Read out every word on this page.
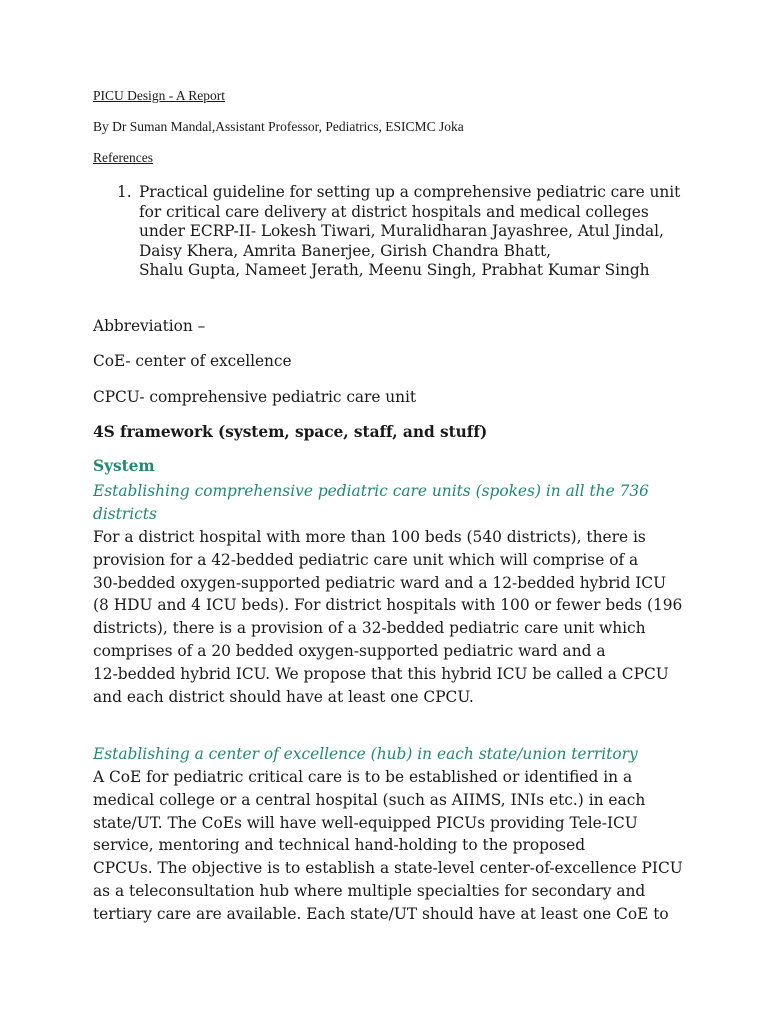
PICU Design - A Report

By Dr Suman Mandal,Assistant Professor, Pediatrics, ESICMC Joka

References

1. Practical guideline for setting up a comprehensive pediatric care unit
for critical care delivery at district hospitals and medical colleges
under ECRP-II- Lokesh Tiwari, Muralidharan Jayashree, Atul Jindal,
Daisy Khera, Amrita Banerjee, Girish Chandra Bhatt,
Shalu Gupta, Nameet Jerath, Meenu Singh, Prabhat Kumar Singh

Abbreviation –

CoE- center of excellence

CPCU- comprehensive pediatric care unit

4S framework (system, space, staff, and stuff)

System

Establishing comprehensive pediatric care units (spokes) in all the 736
districts
For a district hospital with more than 100 beds (540 districts), there is
provision for a 42-bedded pediatric care unit which will comprise of a
30-bedded oxygen-supported pediatric ward and a 12-bedded hybrid ICU
(8 HDU and 4 ICU beds). For district hospitals with 100 or fewer beds (196
districts), there is a provision of a 32-bedded pediatric care unit which
comprises of a 20 bedded oxygen-supported pediatric ward and a
12-bedded hybrid ICU. We propose that this hybrid ICU be called a CPCU
and each district should have at least one CPCU.
Establishing a center of excellence (hub) in each state/union territory
A CoE for pediatric critical care is to be established or identified in a
medical college or a central hospital (such as AIIMS, INIs etc.) in each
state/UT. The CoEs will have well-equipped PICUs providing Tele-ICU
service, mentoring and technical hand-holding to the proposed
CPCUs. The objective is to establish a state-level center-of-excellence PICU
as a teleconsultation hub where multiple specialties for secondary and
tertiary care are available. Each state/UT should have at least one CoE to
